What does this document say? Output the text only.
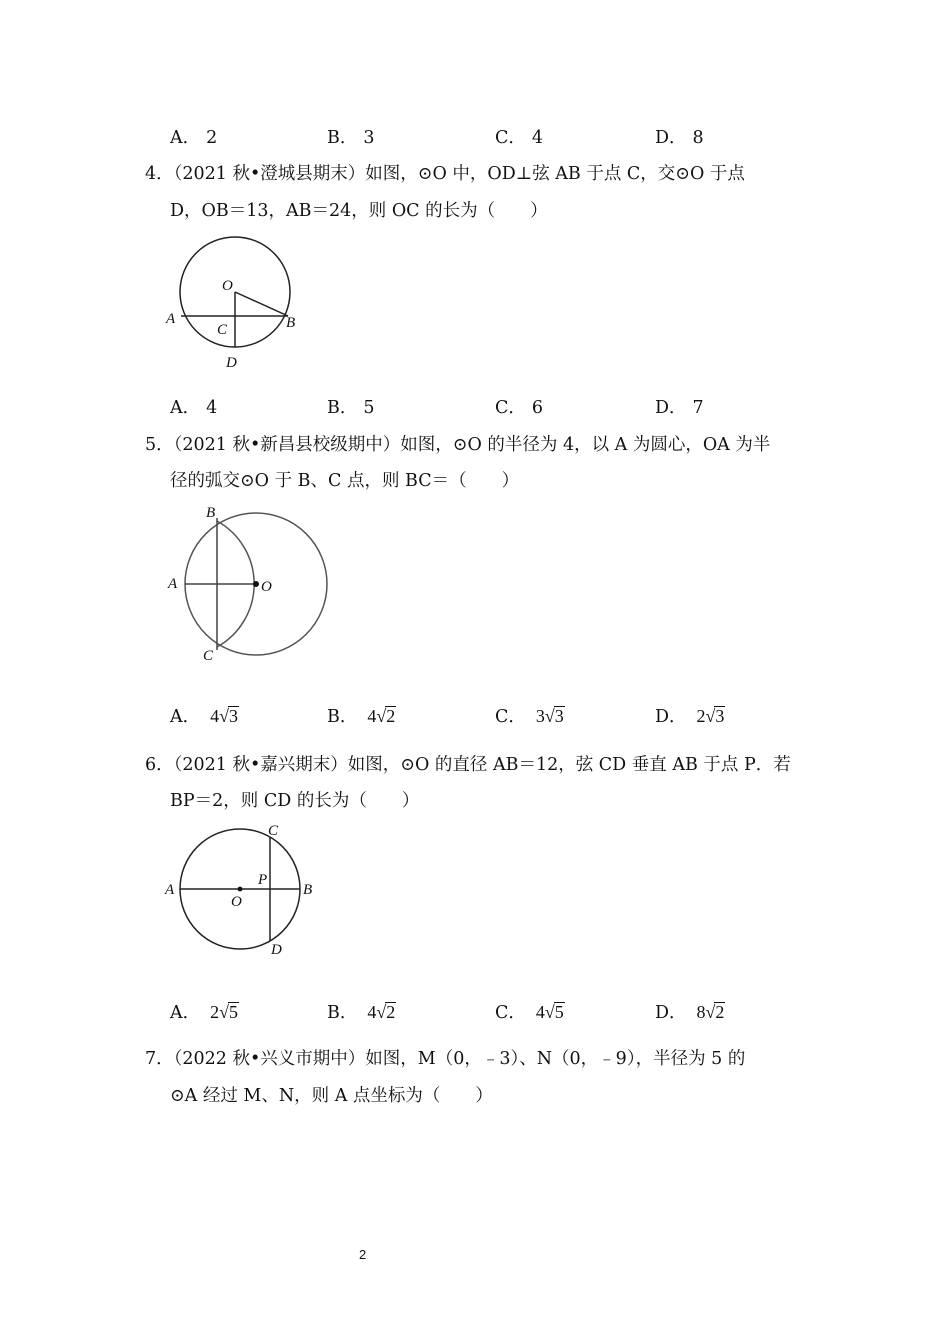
A． 2	B． 3	C． 4	D． 8
4．（2021 秋•澄城县期末）如图，⊙O 中，OD⊥弦 AB 于点 C，交⊙O 于点
D，OB＝13，AB＝24，则 OC 的长为（　　）
O
A	B
C
D
A． 4	B． 5	C． 6	D． 7
5．（2021 秋•新昌县校级期中）如图，⊙O 的半径为 4，以 A 为圆心，OA 为半
径的弧交⊙O 于 B、C 点，则 BC＝（　　）
B
A	O
C
A． 4√3	B． 4√2	C． 3√3	D． 2√3
6．（2021 秋•嘉兴期末）如图，⊙O 的直径 AB＝12，弦 CD 垂直 AB 于点 P．若
BP＝2，则 CD 的长为（　　）
C
A
P
B
O
D
A． 2√5	B． 4√2	C． 4√5	D． 8√2
7．（2022 秋•兴义市期中）如图，M（0，﹣3）、N（0，﹣9），半径为 5 的
⊙A 经过 M、N，则 A 点坐标为（　　）
2
